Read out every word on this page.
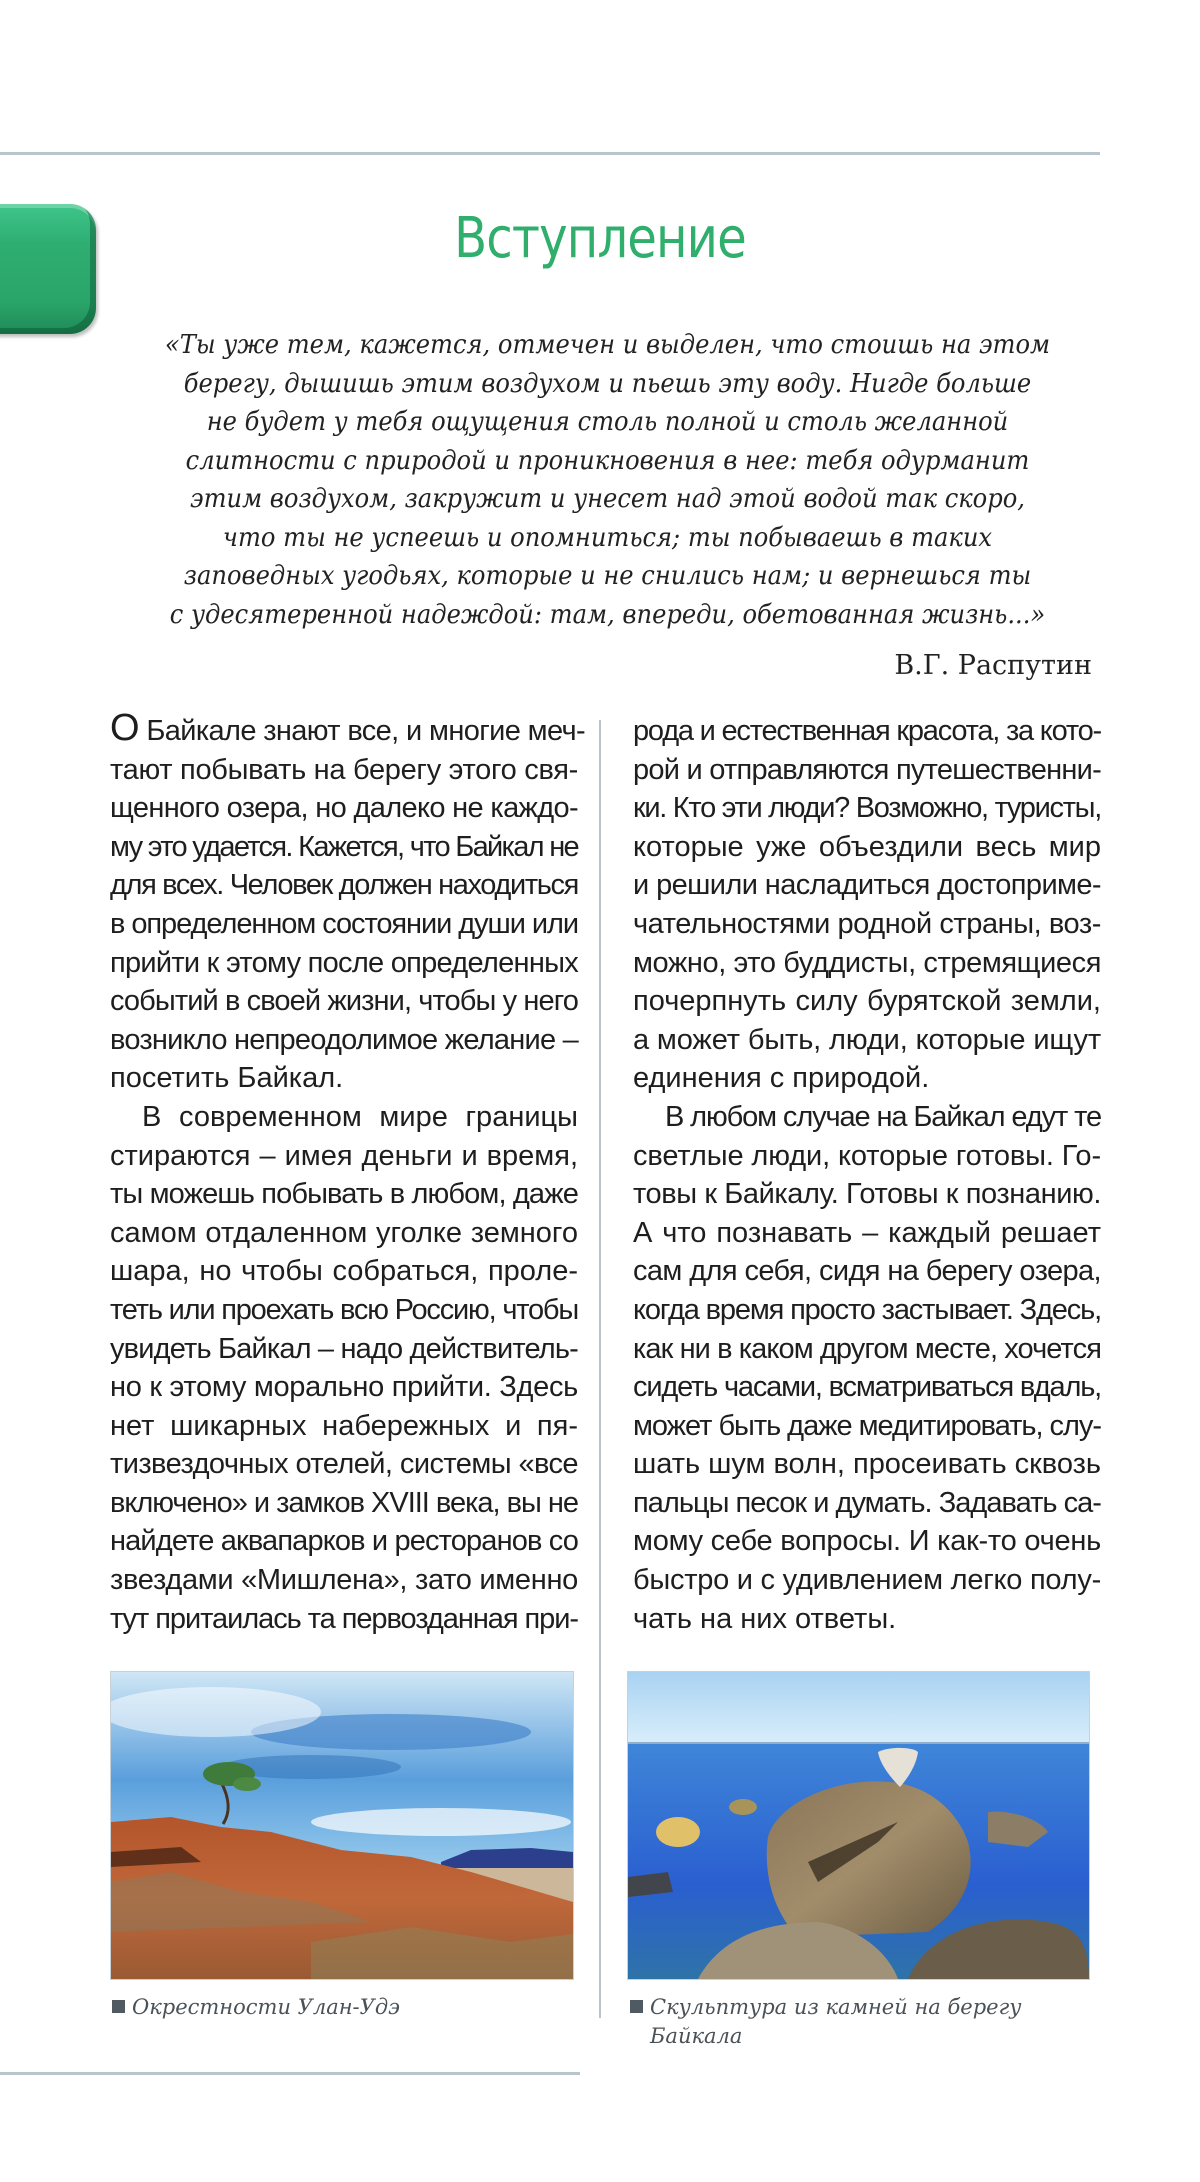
Вступление
«Ты уже тем, кажется, отмечен и выделен, что стоишь на этом
берегу, дышишь этим воздухом и пьешь эту воду. Нигде больше
не будет у тебя ощущения столь полной и столь желанной
слитности с природой и проникновения в нее: тебя одурманит
этим воздухом, закружит и унесет над этой водой так скоро,
что ты не успеешь и опомниться; ты побываешь в таких
заповедных угодьях, которые и не снились нам; и вернешься ты
с удесятеренной надеждой: там, впереди, обетованная жизнь...»
В.Г. Распутин
О Байкале знают все, и многие меч-
тают побывать на берегу этого свя-
щенного озера, но далеко не каждо-
му это удается. Кажется, что Байкал не
для всех. Человек должен находиться
в определенном состоянии души или
прийти к этому после определенных
событий в своей жизни, чтобы у него
возникло непреодолимое желание –
посетить Байкал.
В современном мире границы
стираются – имея деньги и время,
ты можешь побывать в любом, даже
самом отдаленном уголке земного
шара, но чтобы собраться, проле-
теть или проехать всю Россию, чтобы
увидеть Байкал – надо действитель-
но к этому морально прийти. Здесь
нет шикарных набережных и пя-
тизвездочных отелей, системы «все
включено» и замков XVIII века, вы не
найдете аквапарков и ресторанов со
звездами «Мишлена», зато именно
тут притаилась та первозданная при-
рода и естественная красота, за кото-
рой и отправляются путешественни-
ки. Кто эти люди? Возможно, туристы,
которые уже объездили весь мир
и решили насладиться достоприме-
чательностями родной страны, воз-
можно, это буддисты, стремящиеся
почерпнуть силу бурятской земли,
а может быть, люди, которые ищут
единения с природой.
В любом случае на Байкал едут те
светлые люди, которые готовы. Го-
товы к Байкалу. Готовы к познанию.
А что познавать – каждый решает
сам для себя, сидя на берегу озера,
когда время просто застывает. Здесь,
как ни в каком другом месте, хочется
сидеть часами, всматриваться вдаль,
может быть даже медитировать, слу-
шать шум волн, просеивать сквозь
пальцы песок и думать. Задавать са-
мому себе вопросы. И как-то очень
быстро и с удивлением легко полу-
чать на них ответы.
Окрестности Улан-Удэ	Скульптура из камней на берегу
Байкала
